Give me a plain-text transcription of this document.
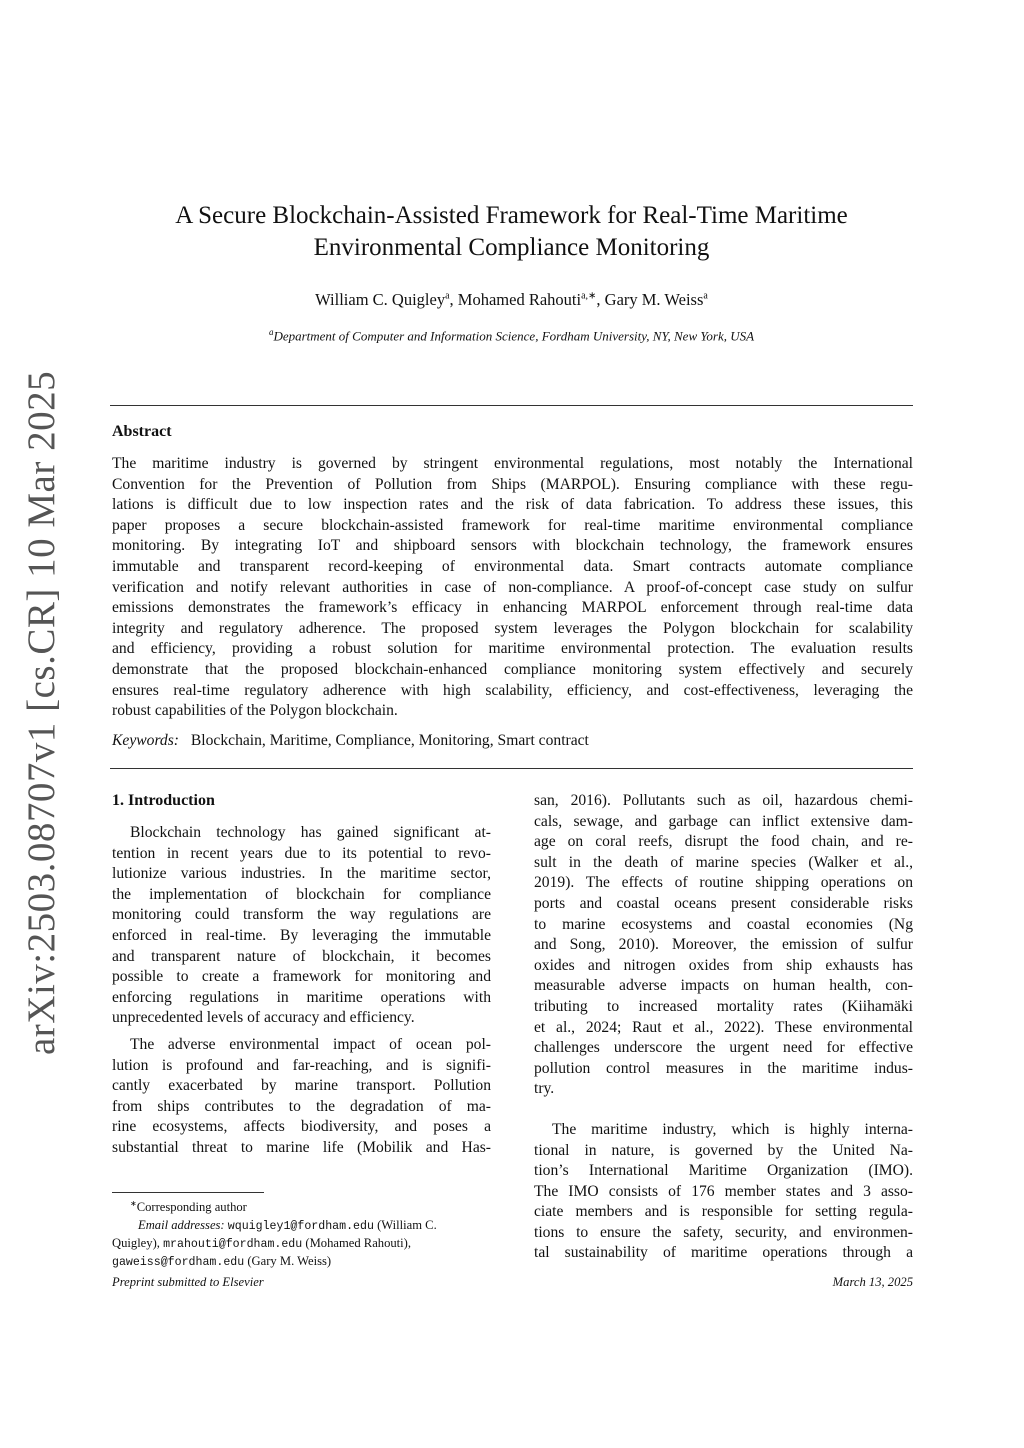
arXiv:2503.08707v1 [cs.CR] 10 Mar 2025
A Secure Blockchain-Assisted Framework for Real-Time Maritime
Environmental Compliance Monitoring
William C. Quigley$^a$, Mohamed Rahouti$^{a,∗}$, Gary M. Weiss$^a$
$^a$Department of Computer and Information Science, Fordham University, NY, New York, USA
Abstract
The maritime industry is governed by stringent environmental regulations, most notably the International
Convention for the Prevention of Pollution from Ships (MARPOL). Ensuring compliance with these regu-
lations is difficult due to low inspection rates and the risk of data fabrication. To address these issues, this
paper proposes a secure blockchain-assisted framework for real-time maritime environmental compliance
monitoring. By integrating IoT and shipboard sensors with blockchain technology, the framework ensures
immutable and transparent record-keeping of environmental data. Smart contracts automate compliance
verification and notify relevant authorities in case of non-compliance. A proof-of-concept case study on sulfur
emissions demonstrates the framework’s efficacy in enhancing MARPOL enforcement through real-time data
integrity and regulatory adherence. The proposed system leverages the Polygon blockchain for scalability
and efficiency, providing a robust solution for maritime environmental protection. The evaluation results
demonstrate that the proposed blockchain-enhanced compliance monitoring system effectively and securely
ensures real-time regulatory adherence with high scalability, efficiency, and cost-effectiveness, leveraging the
robust capabilities of the Polygon blockchain.
Keywords: Blockchain, Maritime, Compliance, Monitoring, Smart contract
1. Introduction
Blockchain technology has gained significant at-
tention in recent years due to its potential to revo-
lutionize various industries. In the maritime sector,
the implementation of blockchain for compliance
monitoring could transform the way regulations are
enforced in real-time. By leveraging the immutable
and transparent nature of blockchain, it becomes
possible to create a framework for monitoring and
enforcing regulations in maritime operations with
unprecedented levels of accuracy and efficiency.
The adverse environmental impact of ocean pol-
lution is profound and far-reaching, and is signifi-
cantly exacerbated by marine transport. Pollution
from ships contributes to the degradation of ma-
rine ecosystems, affects biodiversity, and poses a
substantial threat to marine life (Mobilik and Has-
san, 2016). Pollutants such as oil, hazardous chemi-
cals, sewage, and garbage can inflict extensive dam-
age on coral reefs, disrupt the food chain, and re-
sult in the death of marine species (Walker et al.,
2019). The effects of routine shipping operations on
ports and coastal oceans present considerable risks
to marine ecosystems and coastal economies (Ng
and Song, 2010). Moreover, the emission of sulfur
oxides and nitrogen oxides from ship exhausts has
measurable adverse impacts on human health, con-
tributing to increased mortality rates (Kiihamäki
et al., 2024; Raut et al., 2022). These environmental
challenges underscore the urgent need for effective
pollution control measures in the maritime indus-
try.
The maritime industry, which is highly interna-
tional in nature, is governed by the United Na-
tion’s International Maritime Organization (IMO).
The IMO consists of 176 member states and 3 asso-
ciate members and is responsible for setting regula-
tions to ensure the safety, security, and environmen-
tal sustainability of maritime operations through a
∗Corresponding author
Email addresses: wquigley1@fordham.edu (William C.
Quigley), mrahouti@fordham.edu (Mohamed Rahouti),
gaweiss@fordham.edu (Gary M. Weiss)
Preprint submitted to Elsevier	March 13, 2025
